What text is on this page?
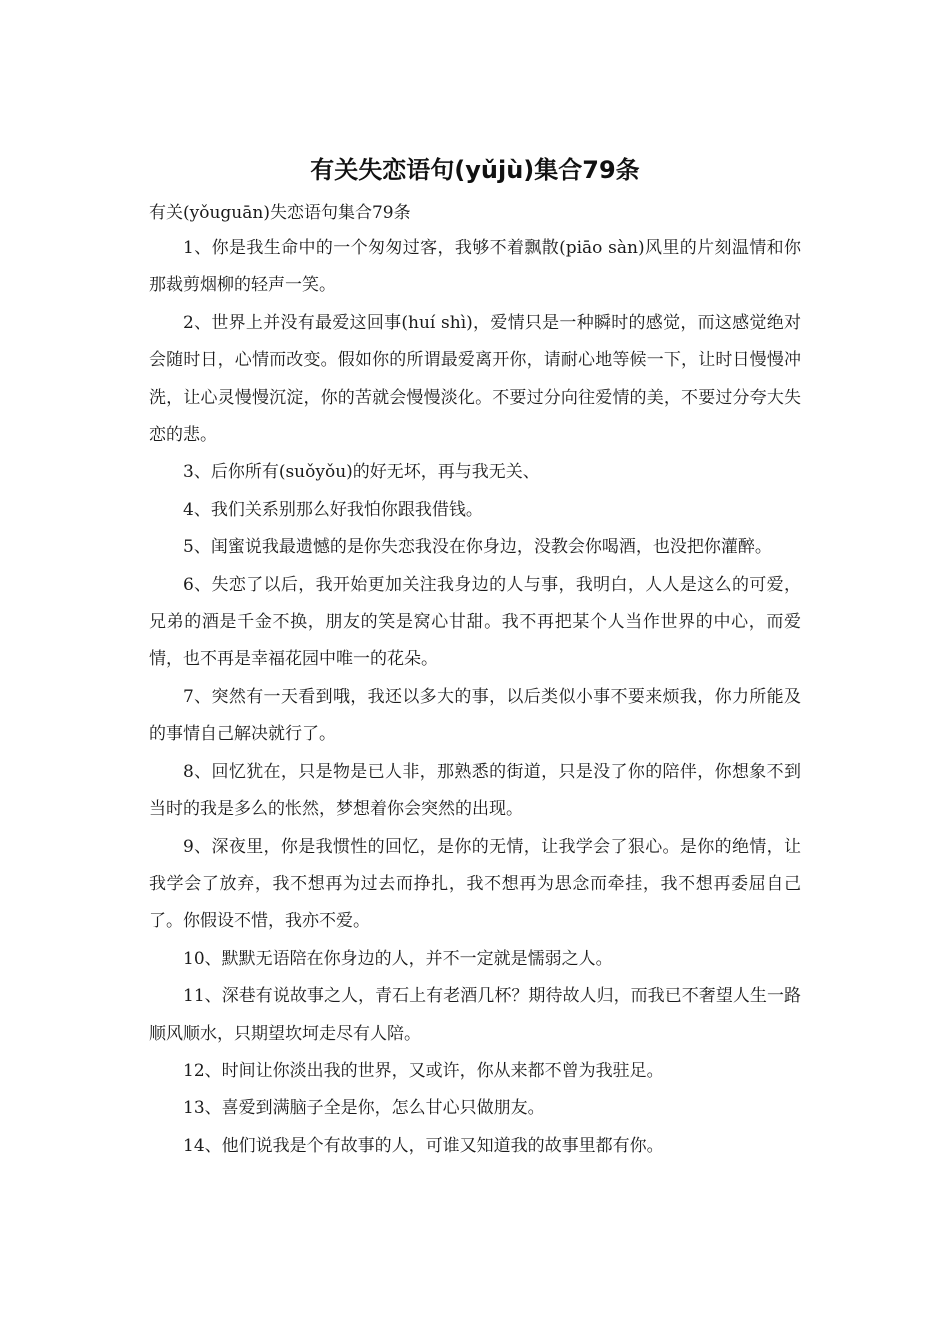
有关失恋语句(yǔjù)集合79条

有关(yǒuguān)失恋语句集合79条

1、你是我生命中的一个匆匆过客，我够不着飘散(piāo sàn)风里的片刻温情和你那裁剪烟柳的轻声一笑。

2、世界上并没有最爱这回事(huí shì)，爱情只是一种瞬时的感觉，而这感觉绝对会随时日，心情而改变。假如你的所谓最爱离开你，请耐心地等候一下，让时日慢慢冲洗，让心灵慢慢沉淀，你的苦就会慢慢淡化。不要过分向往爱情的美，不要过分夸大失恋的悲。

3、后你所有(suǒyǒu)的好无坏，再与我无关、

4、我们关系别那么好我怕你跟我借钱。

5、闺蜜说我最遗憾的是你失恋我没在你身边，没教会你喝酒，也没把你灌醉。

6、失恋了以后，我开始更加关注我身边的人与事，我明白，人人是这么的可爱，兄弟的酒是千金不换，朋友的笑是窝心甘甜。我不再把某个人当作世界的中心，而爱情，也不再是幸福花园中唯一的花朵。

7、突然有一天看到哦，我还以多大的事，以后类似小事不要来烦我，你力所能及的事情自己解决就行了。

8、回忆犹在，只是物是已人非，那熟悉的街道，只是没了你的陪伴，你想象不到当时的我是多么的怅然，梦想着你会突然的出现。

9、深夜里，你是我惯性的回忆，是你的无情，让我学会了狠心。是你的绝情，让我学会了放弃，我不想再为过去而挣扎，我不想再为思念而牵挂，我不想再委屈自己了。你假设不惜，我亦不爱。

10、默默无语陪在你身边的人，并不一定就是懦弱之人。

11、深巷有说故事之人，青石上有老酒几杯？期待故人归，而我已不奢望人生一路顺风顺水，只期望坎坷走尽有人陪。

12、时间让你淡出我的世界，又或许，你从来都不曾为我驻足。

13、喜爱到满脑子全是你，怎么甘心只做朋友。

14、他们说我是个有故事的人，可谁又知道我的故事里都有你。
